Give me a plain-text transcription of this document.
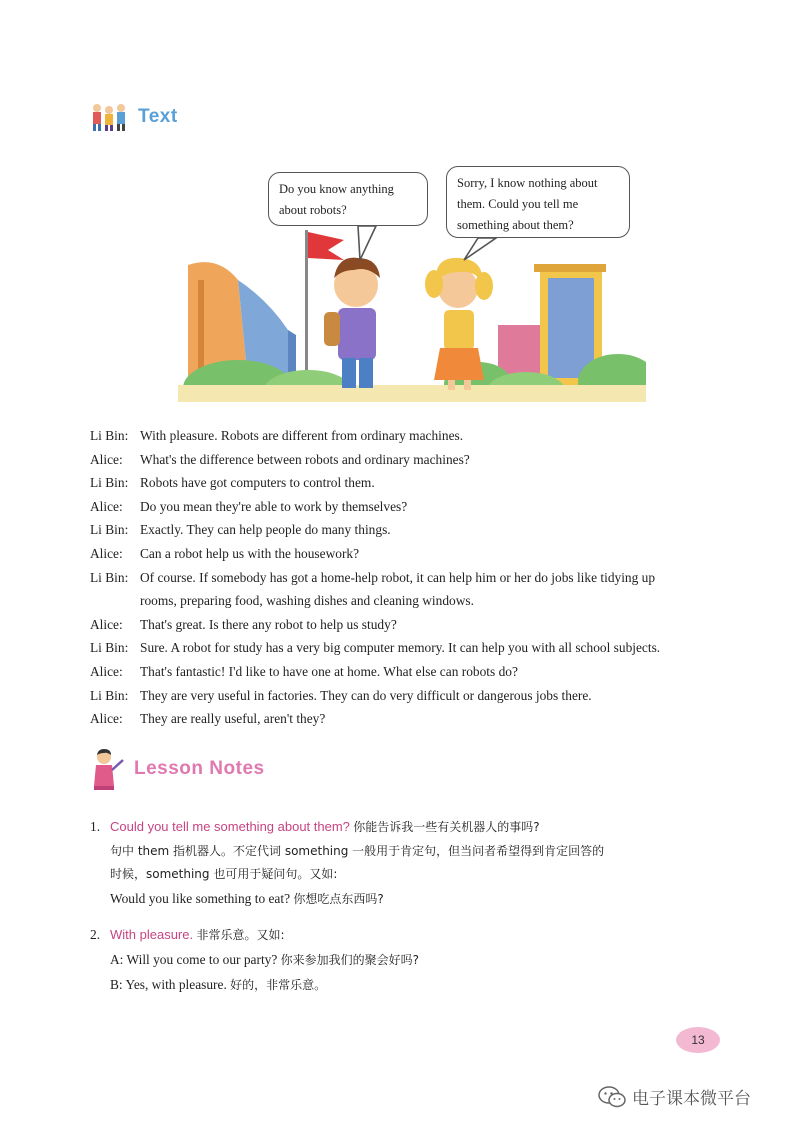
Text
Do you know anything
about robots?
Sorry, I know nothing about
them. Could you tell me
something about them?
Li Bin: With pleasure. Robots are different from ordinary machines.
Alice:	What's the difference between robots and ordinary machines?
Li Bin: Robots have got computers to control them.
Alice:	Do you mean they're able to work by themselves?
Li Bin: Exactly. They can help people do many things.
Alice:	Can a robot help us with the housework?
Li Bin: Of course. If somebody has got a home-help robot, it can help him or her do jobs like tidying up
rooms, preparing food, washing dishes and cleaning windows.
Alice:	That's great. Is there any robot to help us study?
Li Bin: Sure. A robot for study has a very big computer memory. It can help you with all school subjects.
Alice:	That's fantastic! I'd like to have one at home. What else can robots do?
Li Bin: They are very useful in factories. They can do very difficult or dangerous jobs there.
Alice:	They are really useful, aren't they?
Lesson Notes
1. Could you tell me something about them? 你能告诉我一些有关机器人的事吗?
句中 them 指机器人。不定代词 something 一般用于肯定句，但当问者希望得到肯定回答的
时候，something 也可用于疑问句。又如:
Would you like something to eat? 你想吃点东西吗?
2. With pleasure. 非常乐意。又如:
A: Will you come to our party? 你来参加我们的聚会好吗?
B: Yes, with pleasure. 好的，非常乐意。
13
电子课本微平台
